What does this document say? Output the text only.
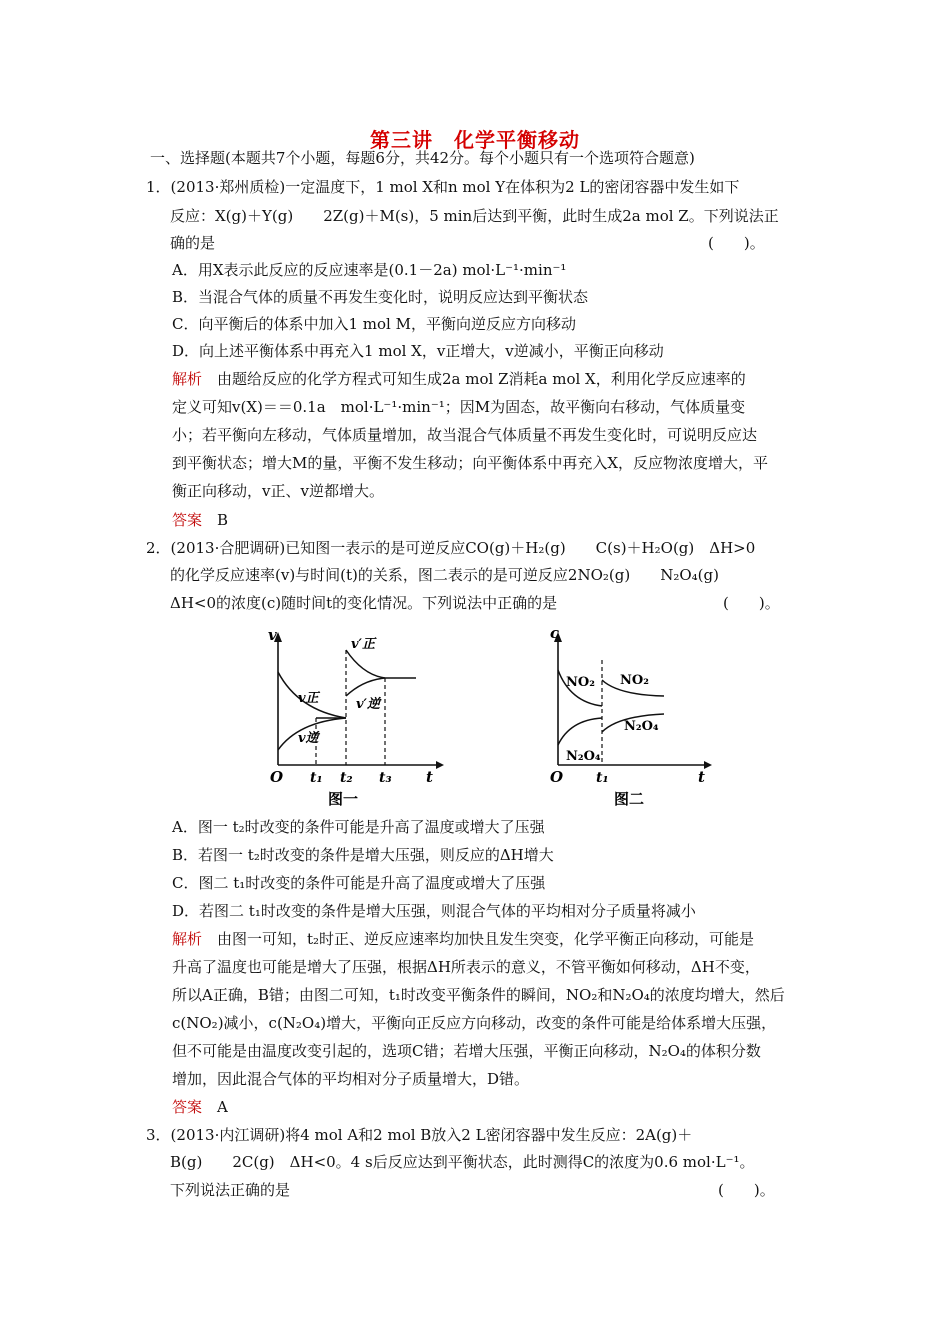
第三讲　化学平衡移动
一、选择题(本题共7个小题，每题6分，共42分。每个小题只有一个选项符合题意)
1．(2013·郑州质检)一定温度下，1 mol X和n mol Y在体积为2 L的密闭容器中发生如下
反应：X(g)＋Y(g)　　2Z(g)＋M(s)，5 min后达到平衡，此时生成2a mol Z。下列说法正
确的是	(　　)。
A．用X表示此反应的反应速率是(0.1－2a) mol·L⁻¹·min⁻¹
B．当混合气体的质量不再发生变化时，说明反应达到平衡状态
C．向平衡后的体系中加入1 mol M，平衡向逆反应方向移动
D．向上述平衡体系中再充入1 mol X，v正增大，v逆减小，平衡正向移动
解析　由题给反应的化学方程式可知生成2a mol Z消耗a mol X，利用化学反应速率的
定义可知v(X)＝＝0.1a　mol·L⁻¹·min⁻¹；因M为固态，故平衡向右移动，气体质量变
小；若平衡向左移动，气体质量增加，故当混合气体质量不再发生变化时，可说明反应达
到平衡状态；增大M的量，平衡不发生移动；向平衡体系中再充入X，反应物浓度增大，平
衡正向移动，v正、v逆都增大。
答案　B
2．(2013·合肥调研)已知图一表示的是可逆反应CO(g)＋H₂(g)　　C(s)＋H₂O(g)　ΔH>0
的化学反应速率(v)与时间(t)的关系，图二表示的是可逆反应2NO₂(g)　　N₂O₄(g)
ΔH<0的浓度(c)随时间t的变化情况。下列说法中正确的是	(　　)。
v
O	t
t₁ t₂ t₃
v正
v逆
v′正
v′逆
图一
c
O	t
t₁
NO₂ NO₂
N₂O₄
N₂O₄
图二
A．图一 t₂时改变的条件可能是升高了温度或增大了压强
B．若图一 t₂时改变的条件是增大压强，则反应的ΔH增大
C．图二 t₁时改变的条件可能是升高了温度或增大了压强
D．若图二 t₁时改变的条件是增大压强，则混合气体的平均相对分子质量将减小
解析　由图一可知，t₂时正、逆反应速率均加快且发生突变，化学平衡正向移动，可能是
升高了温度也可能是增大了压强，根据ΔH所表示的意义，不管平衡如何移动，ΔH不变，
所以A正确，B错；由图二可知，t₁时改变平衡条件的瞬间，NO₂和N₂O₄的浓度均增大，然后
c(NO₂)减小，c(N₂O₄)增大，平衡向正反应方向移动，改变的条件可能是给体系增大压强，
但不可能是由温度改变引起的，选项C错；若增大压强，平衡正向移动，N₂O₄的体积分数
增加，因此混合气体的平均相对分子质量增大，D错。
答案　A
3．(2013·内江调研)将4 mol A和2 mol B放入2 L密闭容器中发生反应：2A(g)＋
B(g)　　2C(g)　ΔH<0。4 s后反应达到平衡状态，此时测得C的浓度为0.6 mol·L⁻¹。
下列说法正确的是	(　　)。
